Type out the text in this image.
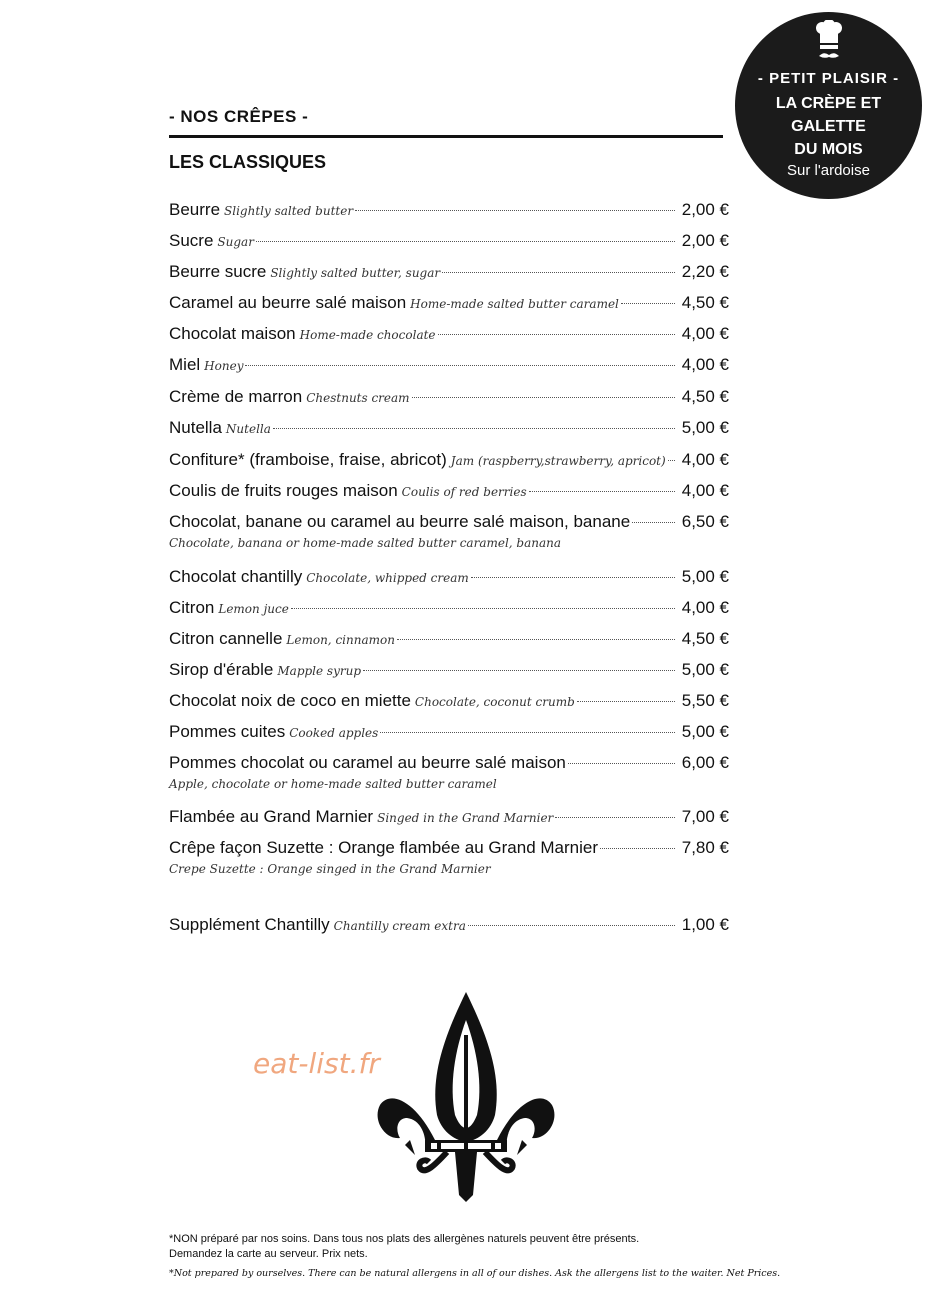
- NOS CRÊPES -
LES CLASSIQUES
- PETIT PLAISIR -
LA CRÈPE ET
GALETTE
DU MOIS
Sur l'ardoise
Beurre Slightly salted butter	2,00 €
Sucre Sugar	2,00 €
Beurre sucre Slightly salted butter, sugar	2,20 €
Caramel au beurre salé maison Home-made salted butter caramel	4,50 €
Chocolat maison Home-made chocolate	4,00 €
Miel Honey	4,00 €
Crème de marron Chestnuts cream	4,50 €
Nutella Nutella	5,00 €
Confiture* (framboise, fraise, abricot) Jam (raspberry,strawberry, apricot) 4,00 €
Coulis de fruits rouges maison Coulis of red berries	4,00 €
Chocolat, banane ou caramel au beurre salé maison, banane	6,50 €
Chocolate, banana or home-made salted butter caramel, banana
Chocolat chantilly Chocolate, whipped cream	5,00 €
Citron Lemon juce	4,00 €
Citron cannelle Lemon, cinnamon	4,50 €
Sirop d'érable Mapple syrup	5,00 €
Chocolat noix de coco en miette Chocolate, coconut crumb	5,50 €
Pommes cuites Cooked apples	5,00 €
Pommes chocolat ou caramel au beurre salé maison	6,00 €
Apple, chocolate or home-made salted butter caramel
Flambée au Grand Marnier Singed in the Grand Marnier	7,00 €
Crêpe façon Suzette : Orange flambée au Grand Marnier	7,80 €
Crepe Suzette : Orange singed in the Grand Marnier
Supplément Chantilly Chantilly cream extra	1,00 €
eat-list.fr
*NON préparé par nos soins. Dans tous nos plats des allergènes naturels peuvent être présents.
Demandez la carte au serveur. Prix nets.
*Not prepared by ourselves. There can be natural allergens in all of our dishes. Ask the allergens list to the waiter. Net Prices.
